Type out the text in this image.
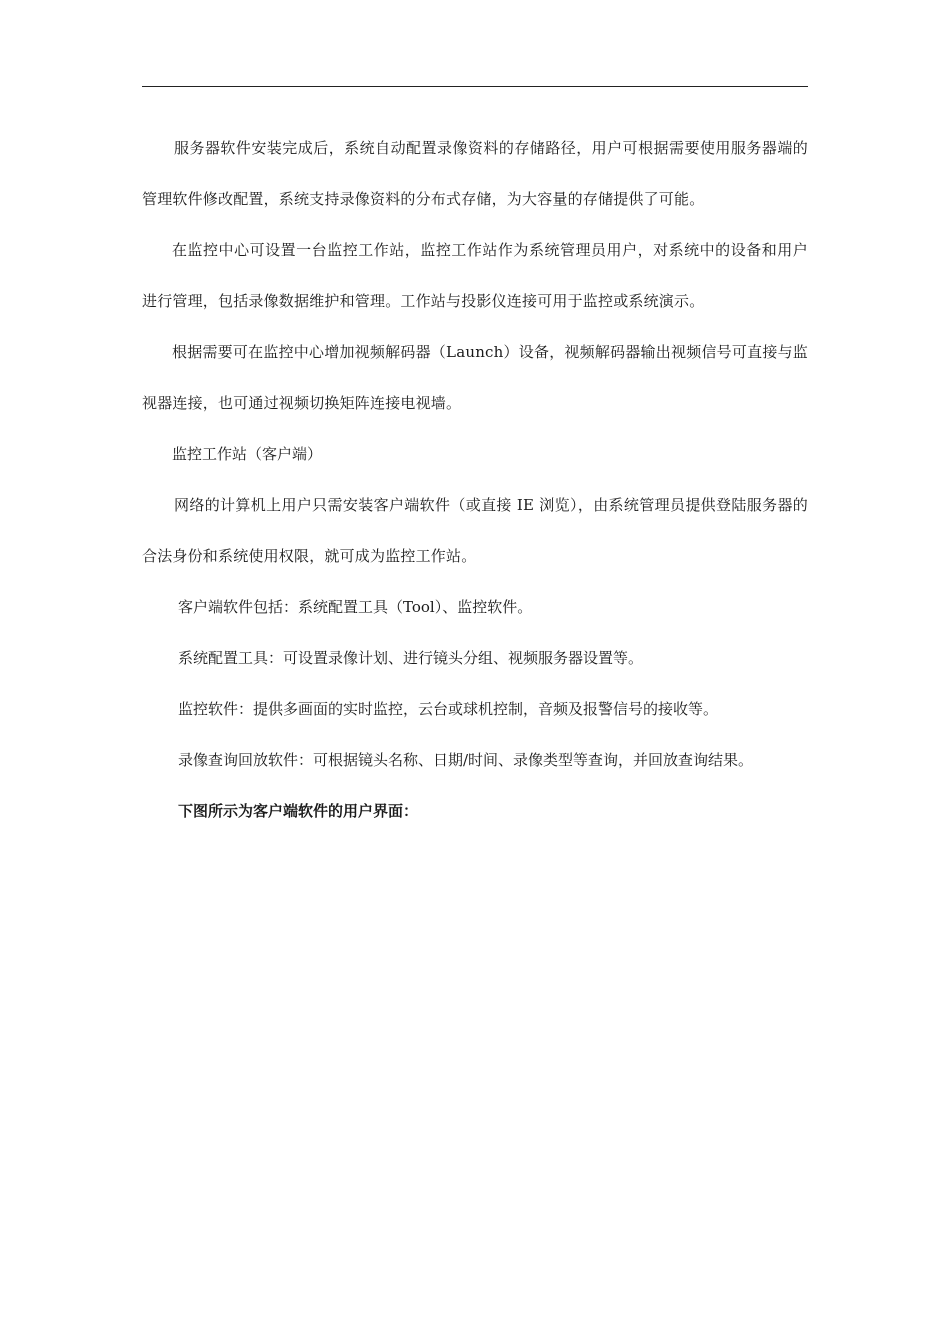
服务器软件安装完成后，系统自动配置录像资料的存储路径，用户可根据需要使用服务器端的管理软件修改配置，系统支持录像资料的分布式存储，为大容量的存储提供了可能。

在监控中心可设置一台监控工作站，监控工作站作为系统管理员用户，对系统中的设备和用户进行管理，包括录像数据维护和管理。工作站与投影仪连接可用于监控或系统演示。

根据需要可在监控中心增加视频解码器（Launch）设备，视频解码器输出视频信号可直接与监视器连接，也可通过视频切换矩阵连接电视墙。

监控工作站（客户端）

网络的计算机上用户只需安装客户端软件（或直接 IE 浏览），由系统管理员提供登陆服务器的合法身份和系统使用权限，就可成为监控工作站。

客户端软件包括：系统配置工具（Tool）、监控软件。

系统配置工具：可设置录像计划、进行镜头分组、视频服务器设置等。

监控软件：提供多画面的实时监控，云台或球机控制，音频及报警信号的接收等。

录像查询回放软件：可根据镜头名称、日期/时间、录像类型等查询，并回放查询结果。

下图所示为客户端软件的用户界面：
